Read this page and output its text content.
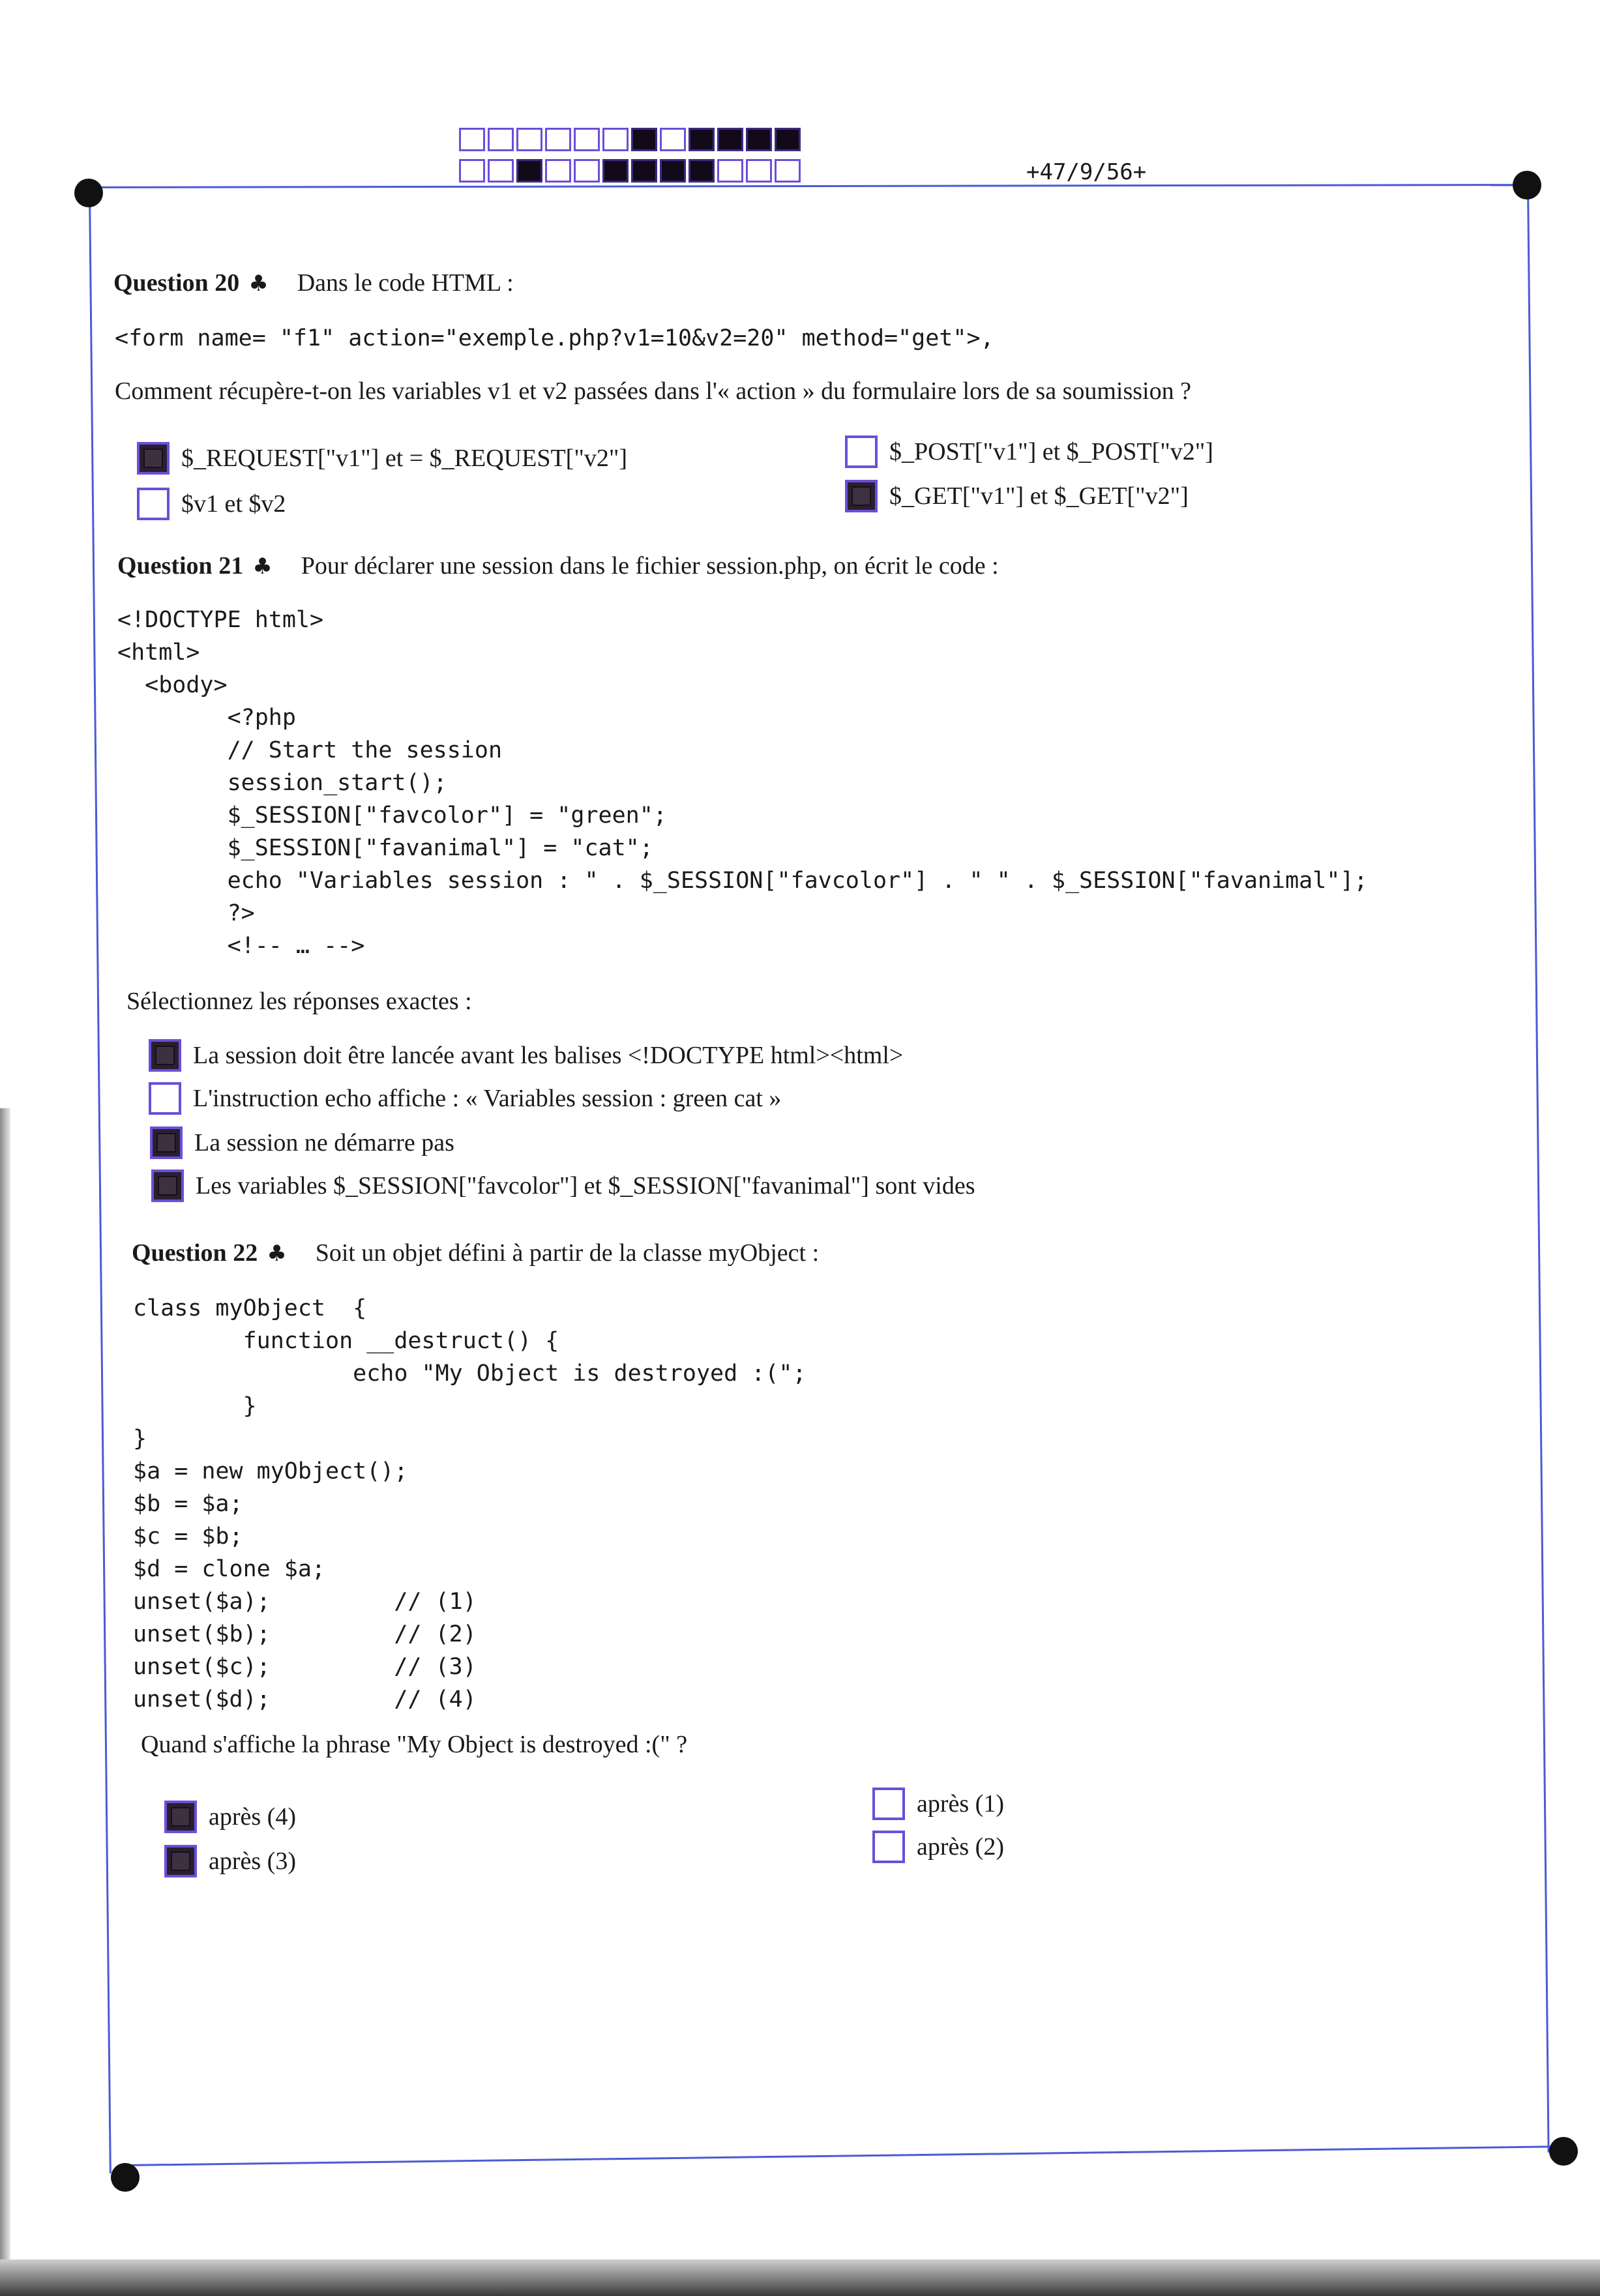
+47/9/56+
Question 20 ♣ Dans le code HTML :
<form name= "f1" action="exemple.php?v1=10&v2=20" method="get">,
Comment récupère-t-on les variables v1 et v2 passées dans l'« action » du formulaire lors de sa soumission ?
$_REQUEST["v1"] et = $_REQUEST["v2"]
$v1 et $v2
$_POST["v1"] et $_POST["v2"]
$_GET["v1"] et $_GET["v2"]
Question 21 ♣ Pour déclarer une session dans le fichier session.php, on écrit le code :
<!DOCTYPE html>
<html>
<body>
<?php
// Start the session
session_start();
$_SESSION["favcolor"] = "green";
$_SESSION["favanimal"] = "cat";
echo "Variables session : " . $_SESSION["favcolor"] . " " . $_SESSION["favanimal"];
?>
<!-- … -->
Sélectionnez les réponses exactes :
La session doit être lancée avant les balises <!DOCTYPE html><html>
L'instruction echo affiche : « Variables session : green cat »
La session ne démarre pas
Les variables $_SESSION["favcolor"] et $_SESSION["favanimal"] sont vides
Question 22 ♣ Soit un objet défini à partir de la classe myObject :
class myObject  {
function __destruct() {
echo "My Object is destroyed :(";
}
}
$a = new myObject();
$b = $a;
$c = $b;
$d = clone $a;
unset($a);         // (1)
unset($b);         // (2)
unset($c);         // (3)
unset($d);         // (4)
Quand s'affiche la phrase "My Object is destroyed :(" ?
après (4)
après (3)
après (1)
après (2)
